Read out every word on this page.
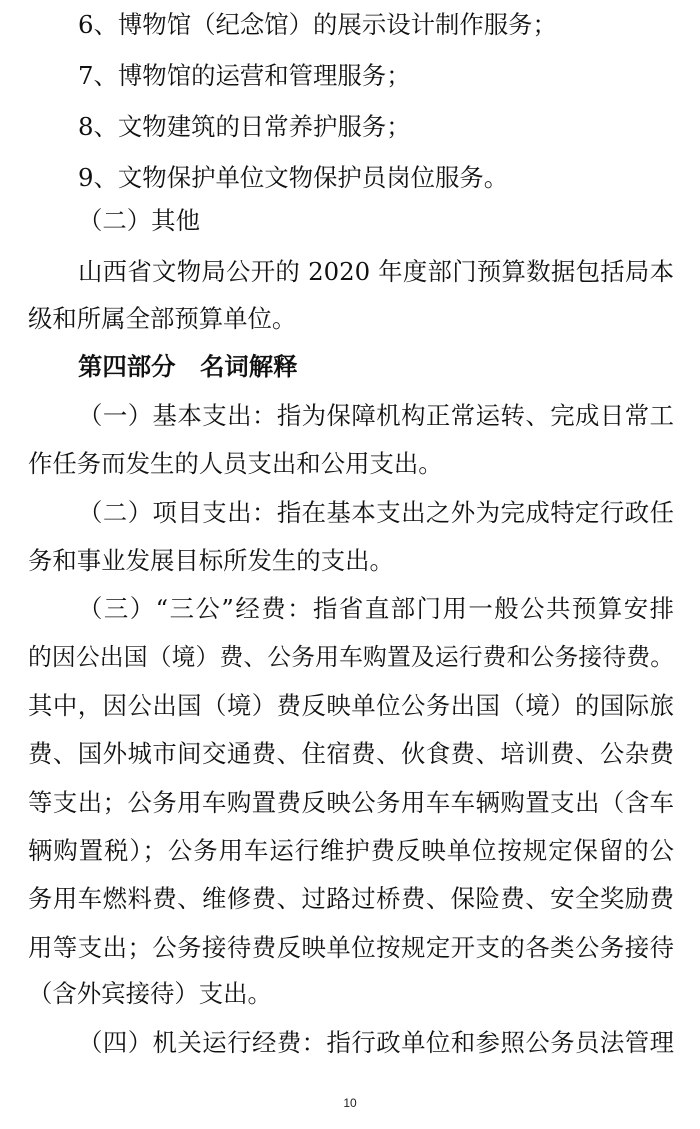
6、博物馆（纪念馆）的展示设计制作服务；
7、博物馆的运营和管理服务；
8、文物建筑的日常养护服务；
9、文物保护单位文物保护员岗位服务。
（二）其他
山西省文物局公开的 2020 年度部门预算数据包括局本
级和所属全部预算单位。
第四部分　名词解释
（一）基本支出：指为保障机构正常运转、完成日常工
作任务而发生的人员支出和公用支出。
（二）项目支出：指在基本支出之外为完成特定行政任
务和事业发展目标所发生的支出。
（三）“三公”经费：指省直部门用一般公共预算安排
的因公出国（境）费、公务用车购置及运行费和公务接待费。
其中，因公出国（境）费反映单位公务出国（境）的国际旅
费、国外城市间交通费、住宿费、伙食费、培训费、公杂费
等支出；公务用车购置费反映公务用车车辆购置支出（含车
辆购置税）；公务用车运行维护费反映单位按规定保留的公
务用车燃料费、维修费、过路过桥费、保险费、安全奖励费
用等支出；公务接待费反映单位按规定开支的各类公务接待
（含外宾接待）支出。
（四）机关运行经费：指行政单位和参照公务员法管理
10
